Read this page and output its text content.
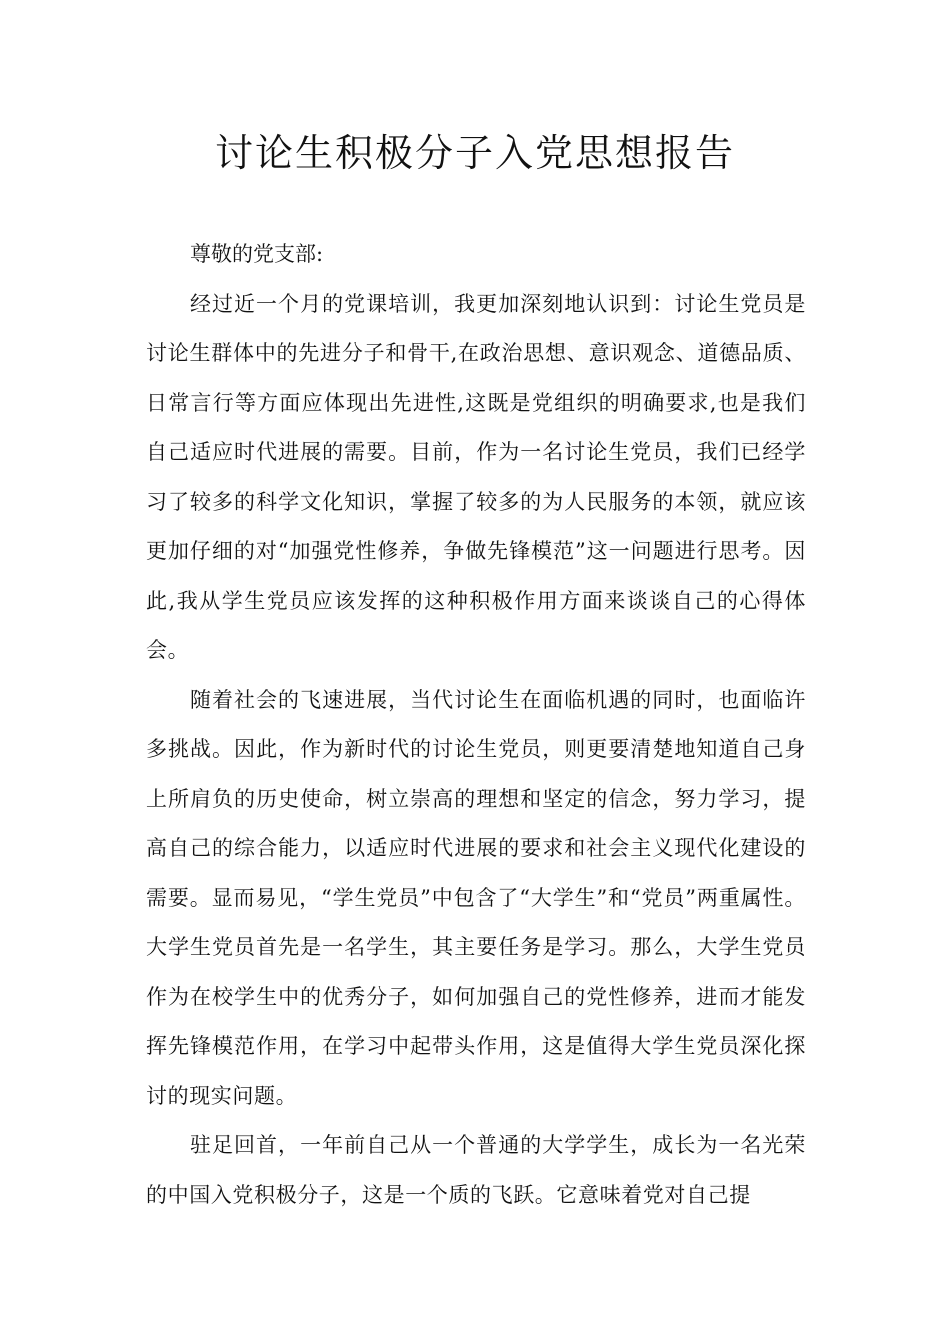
讨论生积极分子入党思想报告

尊敬的党支部:

经过近一个月的党课培训，我更加深刻地认识到：讨论生党员是讨论生群体中的先进分子和骨干,在政治思想、意识观念、道德品质、日常言行等方面应体现出先进性,这既是党组织的明确要求,也是我们自己适应时代进展的需要。目前，作为一名讨论生党员，我们已经学习了较多的科学文化知识，掌握了较多的为人民服务的本领，就应该更加仔细的对“加强党性修养，争做先锋模范”这一问题进行思考。因此,我从学生党员应该发挥的这种积极作用方面来谈谈自己的心得体会。

随着社会的飞速进展，当代讨论生在面临机遇的同时，也面临许多挑战。因此，作为新时代的讨论生党员，则更要清楚地知道自己身上所肩负的历史使命，树立崇高的理想和坚定的信念，努力学习，提高自己的综合能力，以适应时代进展的要求和社会主义现代化建设的需要。显而易见，“学生党员”中包含了“大学生”和“党员”两重属性。大学生党员首先是一名学生，其主要任务是学习。那么，大学生党员作为在校学生中的优秀分子，如何加强自己的党性修养，进而才能发挥先锋模范作用，在学习中起带头作用，这是值得大学生党员深化探讨的现实问题。

驻足回首，一年前自己从一个普通的大学学生，成长为一名光荣的中国入党积极分子，这是一个质的飞跃。它意味着党对自己提
